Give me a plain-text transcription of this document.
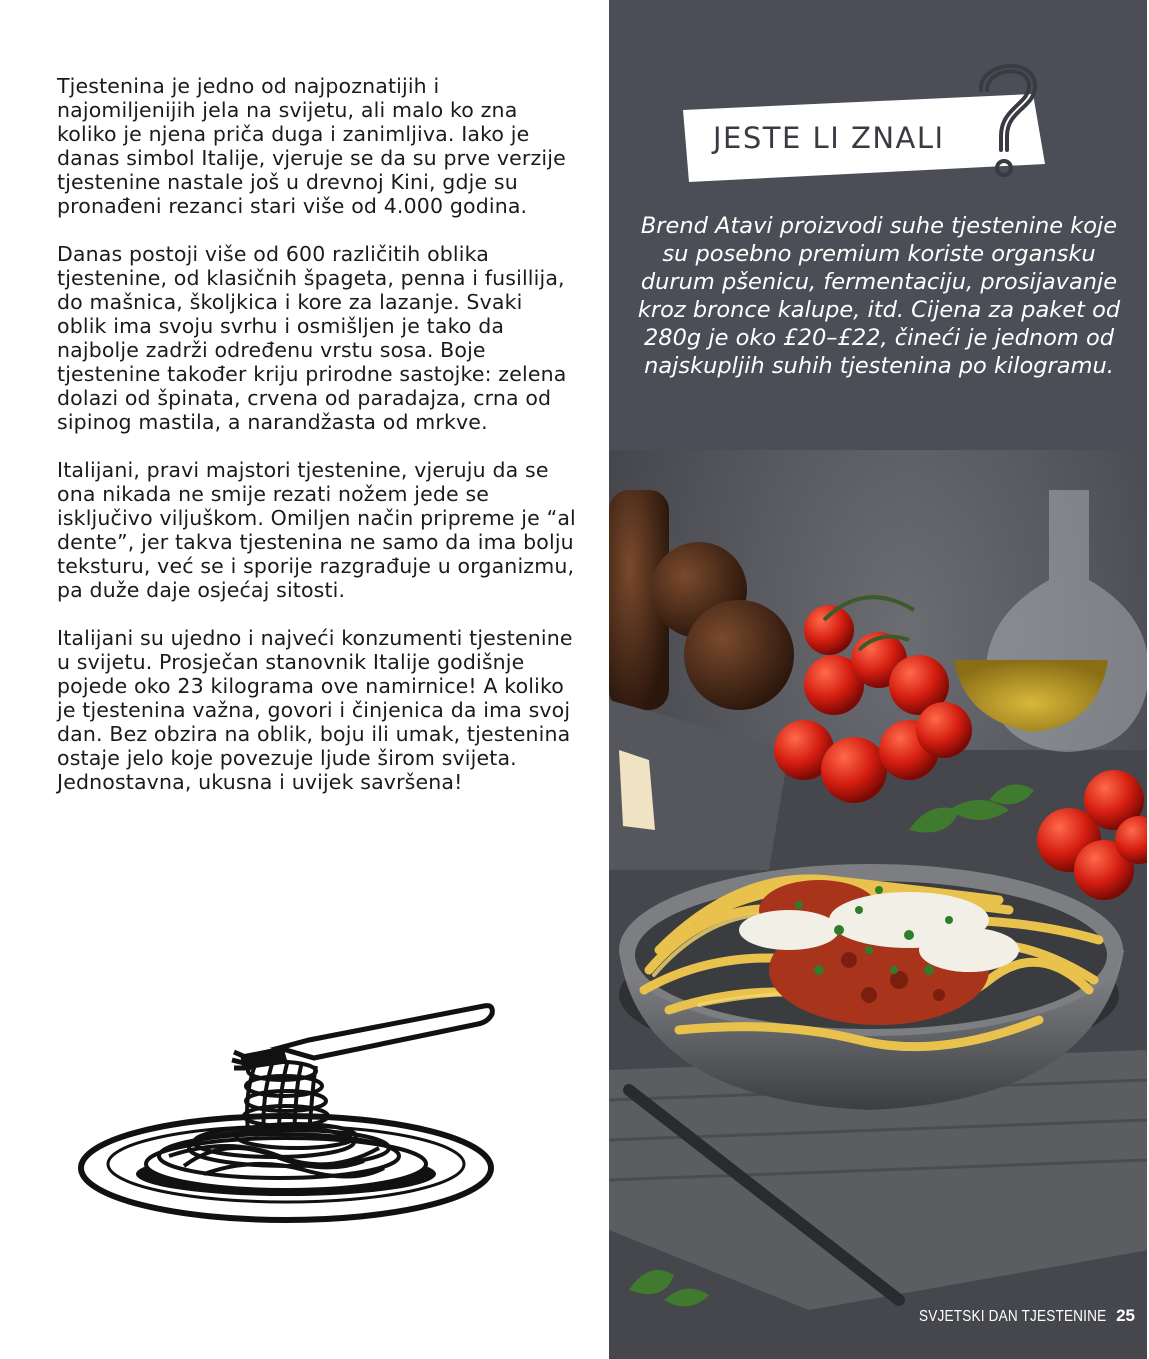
Tjestenina je jedno od najpoznatijih i najomiljenijih jela na svijetu, ali malo ko zna koliko je njena priča duga i zanimljiva. Iako je danas simbol Italije, vjeruje se da su prve verzije tjestenine nastale još u drevnoj Kini, gdje su pronađeni rezanci stari više od 4.000 godina.

Danas postoji više od 600 različitih oblika tjestenine, od klasičnih špageta, penna i fusillija, do mašnica, školjkica i kore za lazanje. Svaki oblik ima svoju svrhu i osmišljen je tako da najbolje zadrži određenu vrstu sosa. Boje tjestenine također kriju prirodne sastojke: zelena dolazi od špinata, crvena od paradajza, crna od sipinog mastila, a narandžasta od mrkve.

Italijani, pravi majstori tjestenine, vjeruju da se ona nikada ne smije rezati nožem jede se isključivo viljuškom. Omiljen način pripreme je “al dente”, jer takva tjestenina ne samo da ima bolju teksturu, već se i sporije razgrađuje u organizmu, pa duže daje osjećaj sitosti.

Italijani su ujedno i najveći konzumenti tjestenine u svijetu. Prosječan stanovnik Italije godišnje pojede oko 23 kilograma ove namirnice! A koliko je tjestenina važna, govori i činjenica da ima svoj dan. Bez obzira na oblik, boju ili umak, tjestenina ostaje jelo koje povezuje ljude širom svijeta. Jednostavna, ukusna i uvijek savršena!

JESTE LI ZNALI

Brend Atavi proizvodi suhe tjestenine koje su posebno premium koriste organsku durum pšenicu, fermentaciju, prosijavanje kroz bronce kalupe, itd. Cijena za paket od 280g je oko £20–£22, čineći je jednom od najskupljih suhih tjestenina po kilogramu.

SVJETSKI DAN TJESTENINE 25
